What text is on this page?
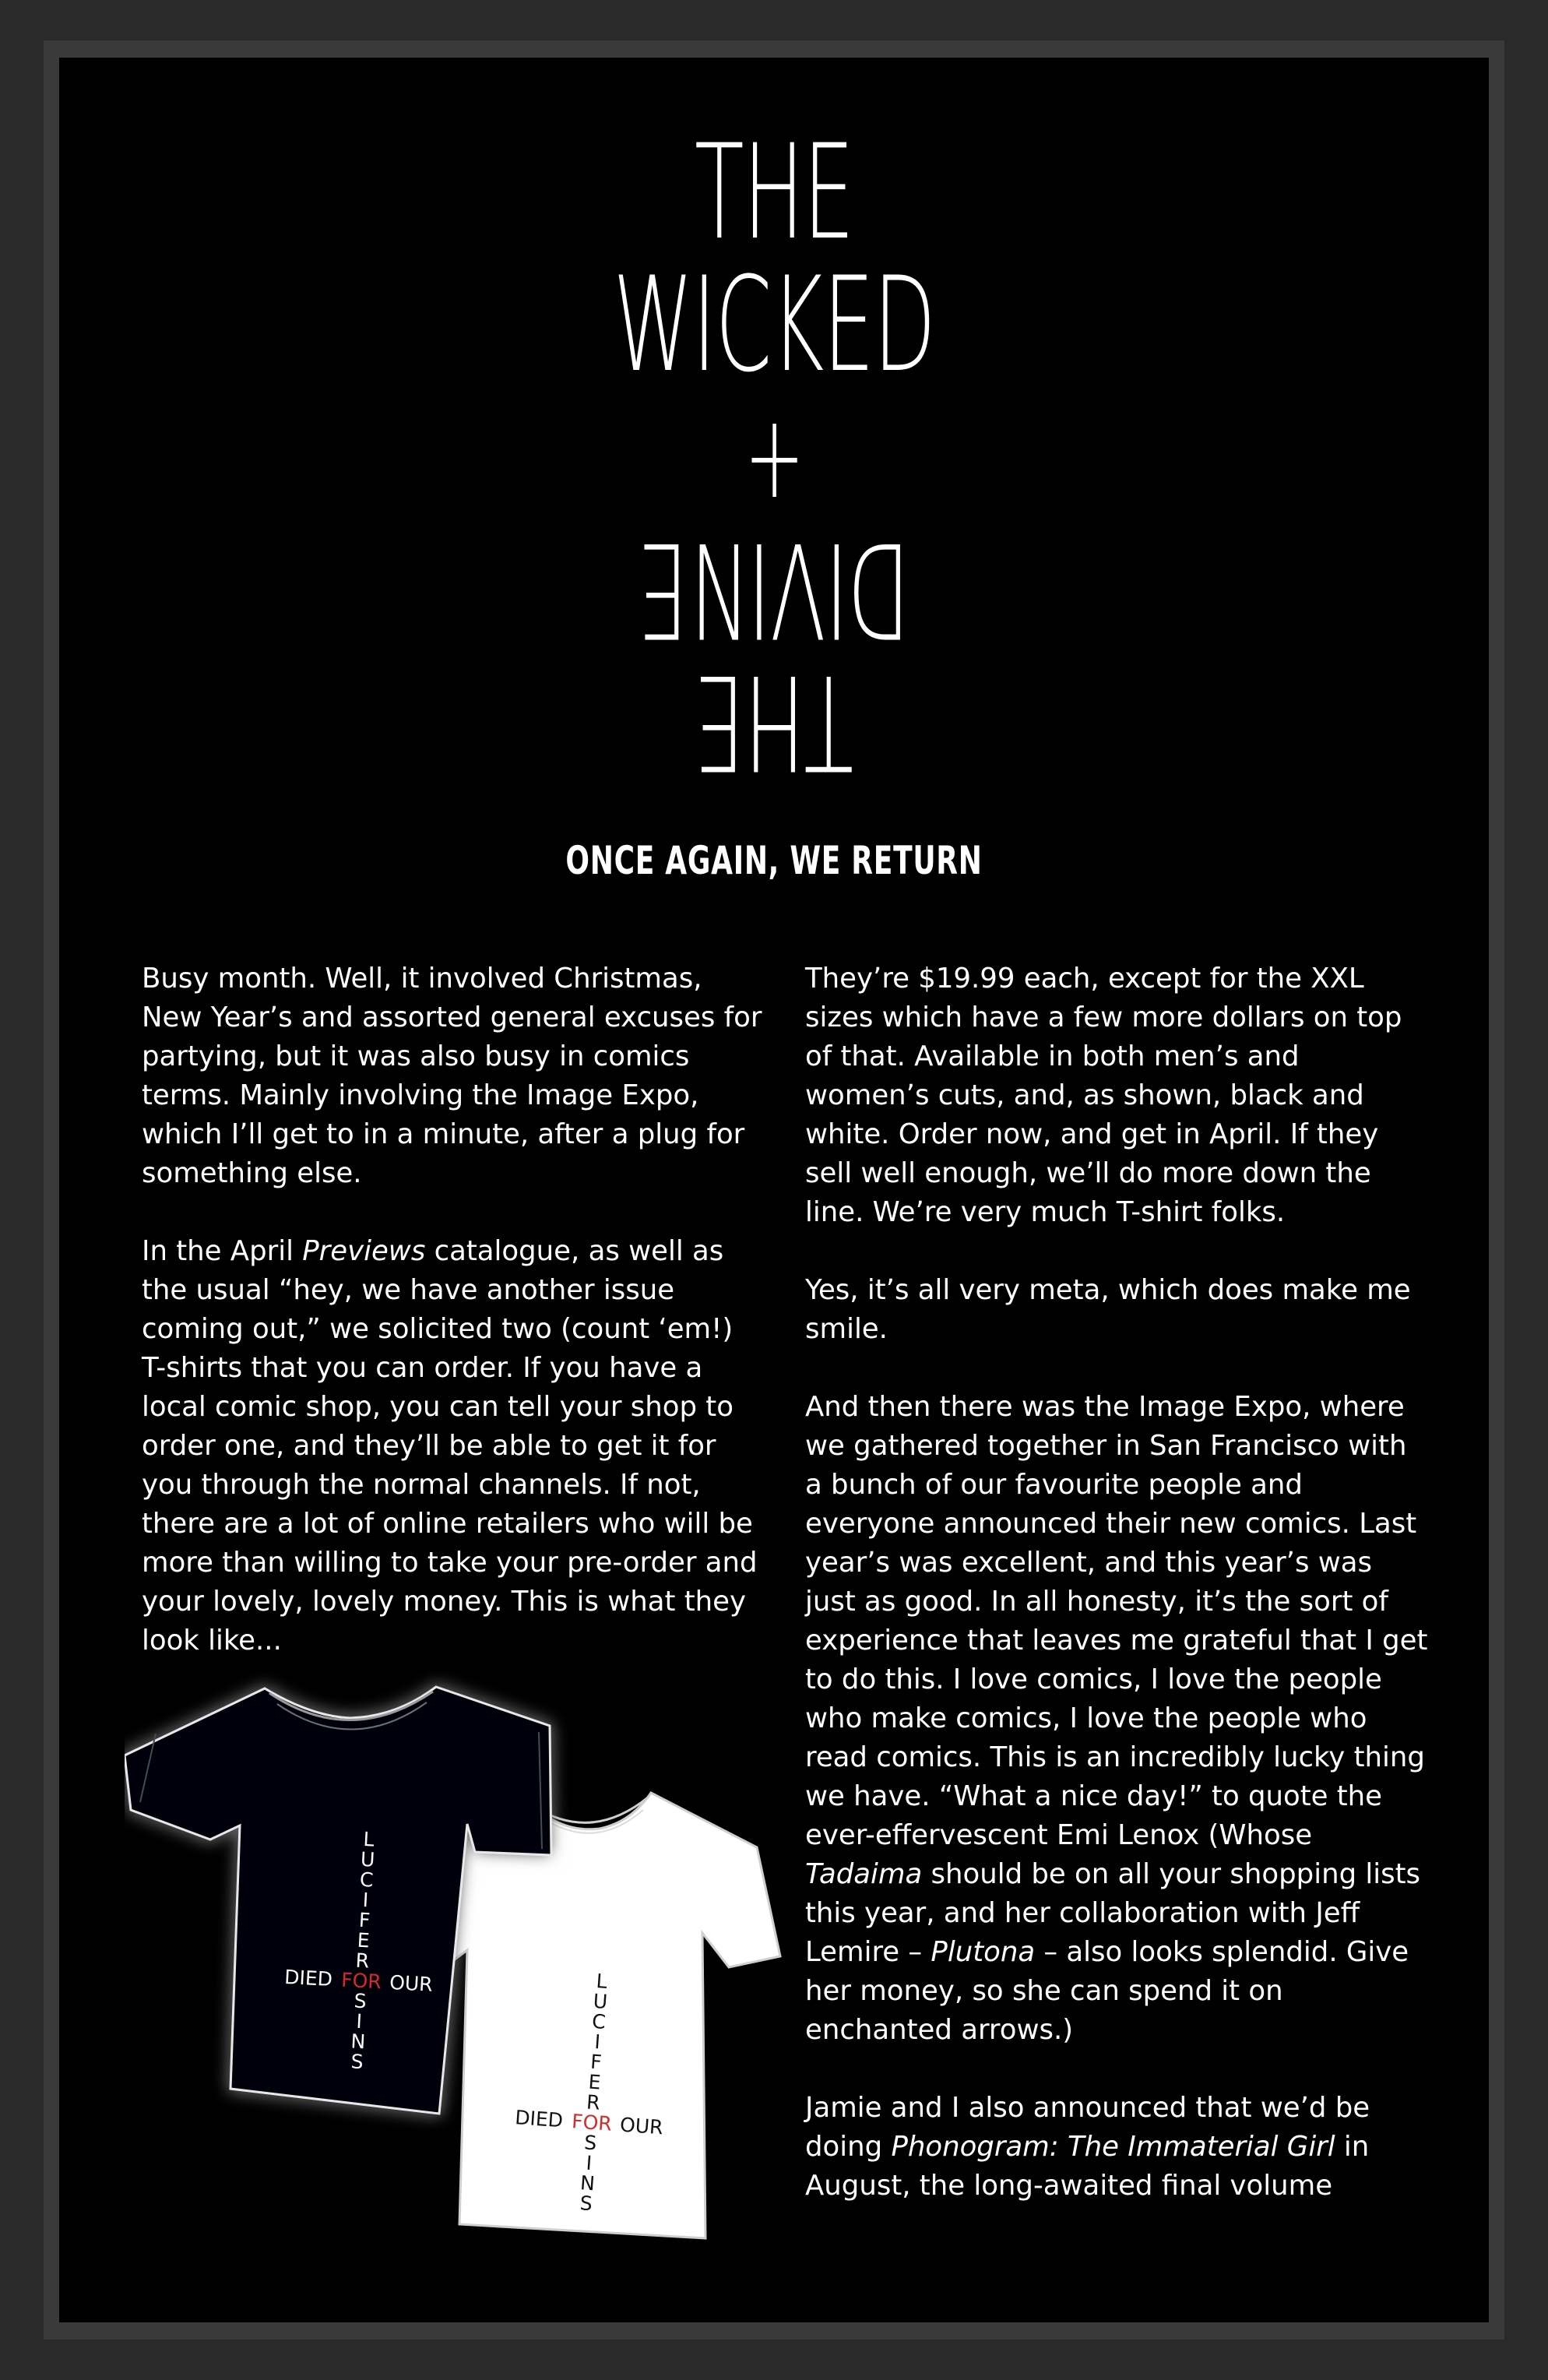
THE
WICKED
+
DIVINE
THE
ONCE AGAIN, WE RETURN

Busy month. Well, it involved Christmas, New Year’s and assorted general excuses for partying, but it was also busy in comics terms. Mainly involving the Image Expo, which I’ll get to in a minute, after a plug for something else.

In the April Previews catalogue, as well as the usual “hey, we have another issue coming out,” we solicited two (count ‘em!) T-shirts that you can order. If you have a local comic shop, you can tell your shop to order one, and they’ll be able to get it for you through the normal channels. If not, there are a lot of online retailers who will be more than willing to take your pre-order and your lovely, lovely money. This is what they look like...

They’re $19.99 each, except for the XXL sizes which have a few more dollars on top of that. Available in both men’s and women’s cuts, and, as shown, black and white. Order now, and get in April. If they sell well enough, we’ll do more down the line. We’re very much T-shirt folks.

Yes, it’s all very meta, which does make me smile.

And then there was the Image Expo, where we gathered together in San Francisco with a bunch of our favourite people and everyone announced their new comics. Last year’s was excellent, and this year’s was just as good. In all honesty, it’s the sort of experience that leaves me grateful that I get to do this. I love comics, I love the people who make comics, I love the people who read comics. This is an incredibly lucky thing we have. “What a nice day!” to quote the ever-effervescent Emi Lenox (Whose Tadaima should be on all your shopping lists this year, and her collaboration with Jeff Lemire – Plutona – also looks splendid. Give her money, so she can spend it on enchanted arrows.)

Jamie and I also announced that we’d be doing Phonogram: The Immaterial Girl in August, the long-awaited final volume

L
U
C
I
F
E
R
DIED FOR OUR
S
I
N
S
L
U
C
I
F
E
R
DIED FOR OUR
S
I
N
S
